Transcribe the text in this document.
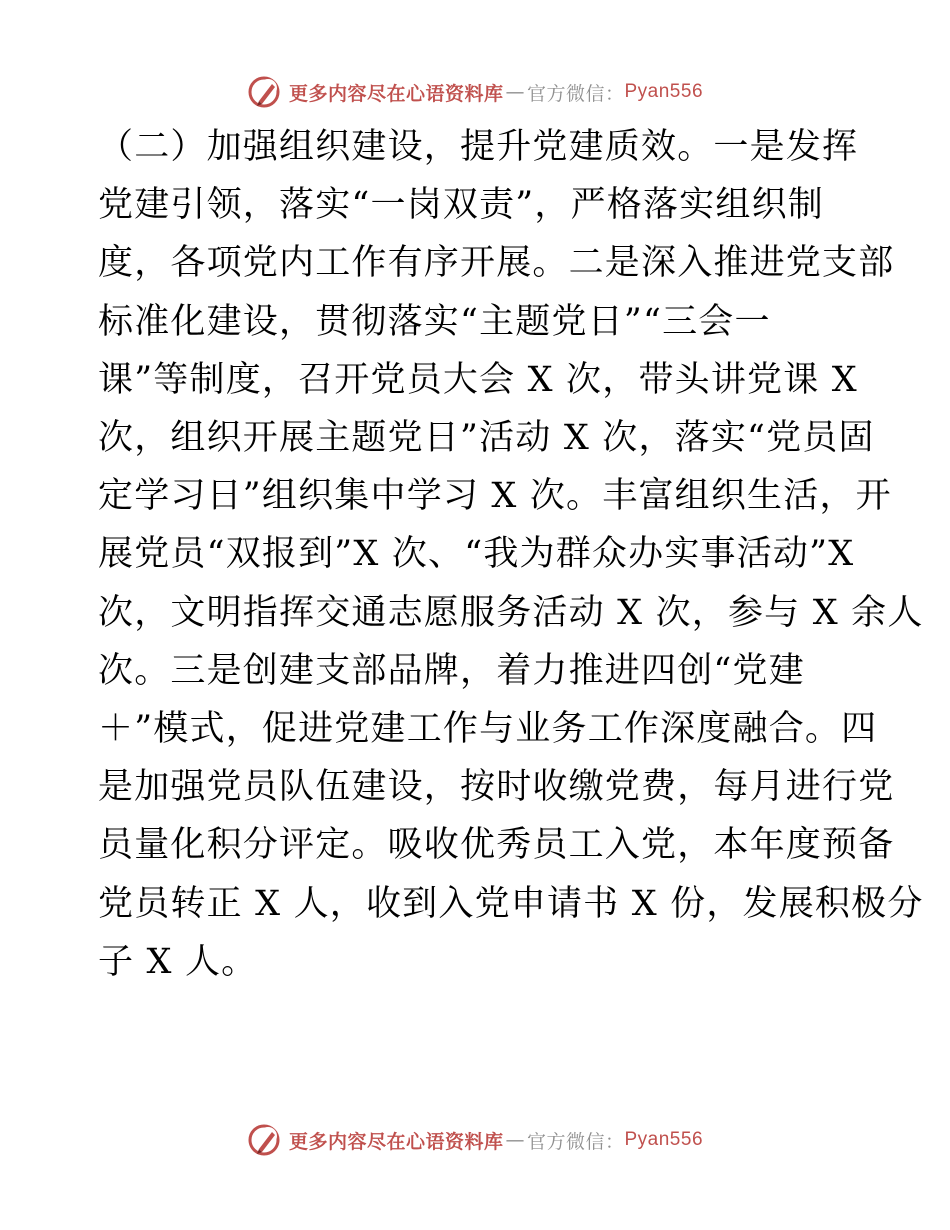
更多内容尽在心语资料库 — 官方微信： Pyan556
（二）加强组织建设，提升党建质效。一是发挥
党建引领，落实“一岗双责”，严格落实组织制
度，各项党内工作有序开展。二是深入推进党支部
标准化建设，贯彻落实“主题党日”“三会一
课”等制度，召开党员大会 X 次，带头讲党课 X
次，组织开展主题党日”活动 X 次，落实“党员固
定学习日”组织集中学习 X 次。丰富组织生活，开
展党员“双报到”X 次、“我为群众办实事活动”X
次，文明指挥交通志愿服务活动 X 次，参与 X 余人
次。三是创建支部品牌，着力推进四创“党建
＋”模式，促进党建工作与业务工作深度融合。四
是加强党员队伍建设，按时收缴党费，每月进行党
员量化积分评定。吸收优秀员工入党，本年度预备
党员转正 X 人，收到入党申请书 X 份，发展积极分
子 X 人。
更多内容尽在心语资料库 — 官方微信： Pyan556
